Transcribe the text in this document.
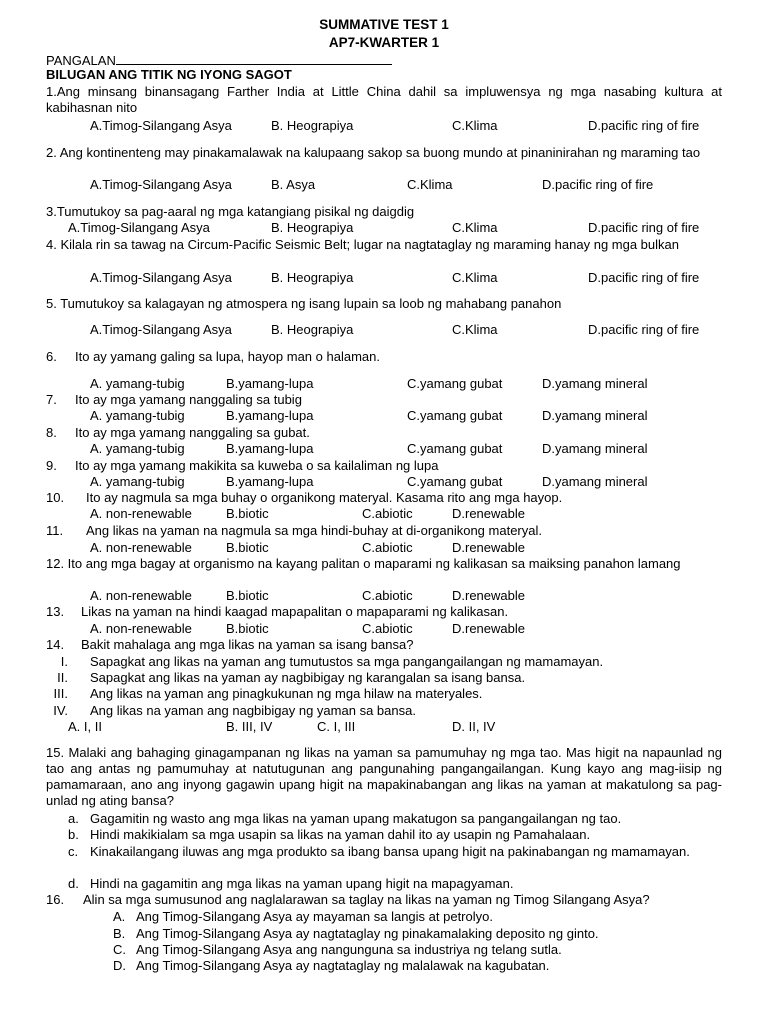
SUMMATIVE TEST 1
AP7-KWARTER 1
PANGALAN
BILUGAN ANG TITIK NG IYONG SAGOT
1.Ang minsang binansagang Farther India at Little China dahil sa impluwensya ng mga nasabing kultura at kabihasnan nito
A.Timog-Silangang Asya	B. Heograpiya	C.Klima	D.pacific ring of fire
2. Ang kontinenteng may pinakamalawak na kalupaang sakop sa buong mundo at pinaninirahan ng maraming tao
A.Timog-Silangang Asya	B. Asya	C.Klima	D.pacific ring of fire
3.Tumutukoy sa pag-aaral ng mga katangiang pisikal ng daigdig
A.Timog-Silangang Asya	B. Heograpiya	C.Klima	D.pacific ring of fire
4. Kilala rin sa tawag na Circum-Pacific Seismic Belt; lugar na nagtataglay ng maraming hanay ng mga bulkan
A.Timog-Silangang Asya	B. Heograpiya	C.Klima	D.pacific ring of fire
5. Tumutukoy sa kalagayan ng atmospera ng isang lupain sa loob ng mahabang panahon
A.Timog-Silangang Asya	B. Heograpiya	C.Klima	D.pacific ring of fire
6. Ito ay yamang galing sa lupa, hayop man o halaman.
A. yamang-tubig	B.yamang-lupa	C.yamang gubat	D.yamang mineral
7. Ito ay mga yamang nanggaling sa tubig
A. yamang-tubig	B.yamang-lupa	C.yamang gubat	D.yamang mineral
8. Ito ay mga yamang nanggaling sa gubat.
A. yamang-tubig	B.yamang-lupa	C.yamang gubat	D.yamang mineral
9. Ito ay mga yamang makikita sa kuweba o sa kailaliman ng lupa
A. yamang-tubig	B.yamang-lupa	C.yamang gubat	D.yamang mineral
10. Ito ay nagmula sa mga buhay o organikong materyal. Kasama rito ang mga hayop.
A. non-renewable	B.biotic	C.abiotic	D.renewable
11. Ang likas na yaman na nagmula sa mga hindi-buhay at di-organikong materyal.
A. non-renewable	B.biotic	C.abiotic	D.renewable
12. Ito ang mga bagay at organismo na kayang palitan o maparami ng kalikasan sa maiksing panahon lamang
A. non-renewable	B.biotic	C.abiotic	D.renewable
13. Likas na yaman na hindi kaagad mapapalitan o mapaparami ng kalikasan.
A. non-renewable	B.biotic	C.abiotic	D.renewable
14. Bakit mahalaga ang mga likas na yaman sa isang bansa?
I. Sapagkat ang likas na yaman ang tumutustos sa mga pangangailangan ng mamamayan.
II. Sapagkat ang likas na yaman ay nagbibigay ng karangalan sa isang bansa.
III. Ang likas na yaman ang pinagkukunan ng mga hilaw na materyales.
IV. Ang likas na yaman ang nagbibigay ng yaman sa bansa.
A. I, II	B. III, IV	C. I, III	D. II, IV
15. Malaki ang bahaging ginagampanan ng likas na yaman sa pamumuhay ng mga tao. Mas higit na napaunlad ng tao ang antas ng pamumuhay at natutugunan ang pangunahing pangangailangan. Kung kayo ang mag-iisip ng pamamaraan, ano ang inyong gagawin upang higit na mapakinabangan ang likas na yaman at makatulong sa pag-unlad ng ating bansa?
a. Gagamitin ng wasto ang mga likas na yaman upang makatugon sa pangangailangan ng tao.
b. Hindi makikialam sa mga usapin sa likas na yaman dahil ito ay usapin ng Pamahalaan.
c. Kinakailangang iluwas ang mga produkto sa ibang bansa upang higit na pakinabangan ng mamamayan.
d. Hindi na gagamitin ang mga likas na yaman upang higit na mapagyaman.
16. Alin sa mga sumusunod ang naglalarawan sa taglay na likas na yaman ng Timog Silangang Asya?
A. Ang Timog-Silangang Asya ay mayaman sa langis at petrolyo.
B. Ang Timog-Silangang Asya ay nagtataglay ng pinakamalaking deposito ng ginto.
C. Ang Timog-Silangang Asya ang nangunguna sa industriya ng telang sutla.
D. Ang Timog-Silangang Asya ay nagtataglay ng malalawak na kagubatan.
